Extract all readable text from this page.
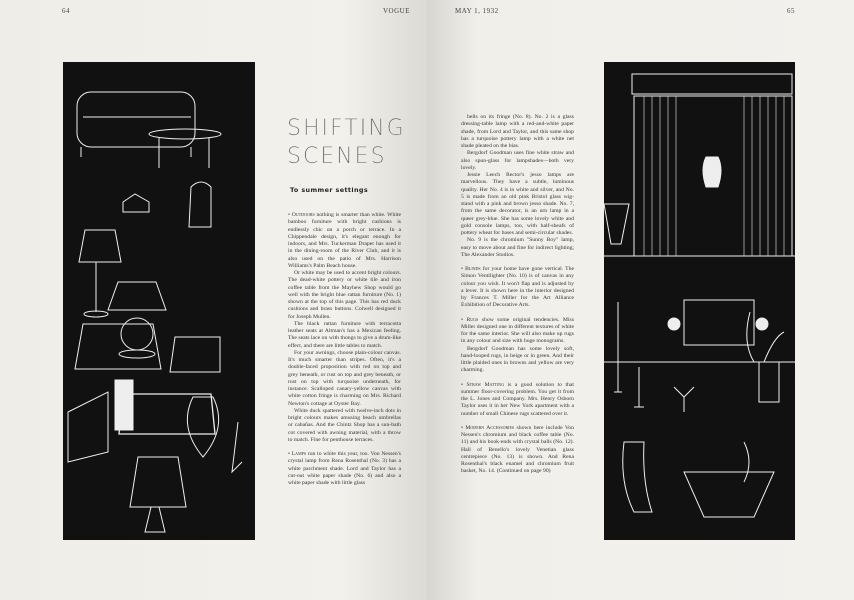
64	VOGUE	MAY 1, 1932	65
SHIFTING
SCENES
To summer settings

• Outdoors nothing is smarter than white. White bamboo furniture with bright cushions is endlessly chic on a porch or terrace. In a Chippendale design, it's elegant enough for indoors, and Mrs. Tuckerman Draper has used it in the dining-room of the River Club, and it is also used on the patio of Mrs. Harrison Williams's Palm Beach house.

Or white may be used to accent bright colours. The dead-white pottery or white tile and iron coffee table from the Mayhew Shop would go well with the bright blue rattan furniture (No. 1) shown at the top of this page. This has red duck cushions and brass buttons. Colwell designed it for Joseph Mullen.

The black rattan furniture with terracotta leather seats at Altman's has a Mexican feeling. The seats lace on with thongs to give a drum-like effect, and there are little tables to match.

For your awnings, choose plain-colour canvas. It's much smarter than stripes. Often, it's a double-faced proposition with red on top and grey beneath, or rust on top and grey beneath, or rust on top with turquoise underneath, for instance. Scalloped canary-yellow canvas with white cotton fringe is charming on Mrs. Richard Newton's cottage at Oyster Bay.

White duck spattered with twelve-inch dots in bright colours makes amusing beach umbrellas or cabañas. And the Chintz Shop has a sun-bath cot covered with awning material, with a throw to match. Fine for penthouse terraces.

• Lamps run to white this year, too. Von Nessen's crystal lamp from Rena Rosenthal (No. 3) has a white parchment shade. Lord and Taylor has a cut-out white paper shade (No. 6) and also a white paper shade with little glass

bells on its fringe (No. 8). No. 2 is a glass dressing-table lamp with a red-and-white paper shade, from Lord and Taylor, and this same shop has a turquoise pottery lamp with a white net shade pleated on the bias.

Bergdorf Goodman uses fine white straw and also spun-glass for lampshades—both very lovely.

Jessie Leech Rector's jesso lamps are marvellous. They have a subtle, luminous quality. Her No. 4 is in white and silver, and No. 5 is made from an old pink Bristol glass wig-stand with a pink and brown jesso shade. No. 7, from the same decorator, is an urn lamp in a queer grey-blue. She has some lovely white and gold console lamps, too, with half-sheafs of pottery wheat for bases and semi-circular shades.

No. 9 is the chromium "Sunny Boy" lamp, easy to move about and fine for indirect lighting; The Alexander Studios.

• Blinds for your home have gone vertical. The Simon Ventilighter (No. 10) is of canvas in any colour you wish. It won't flap and is adjusted by a lever. It is shown here in the interior designed by Frances T. Miller for the Art Alliance Exhibition of Decorative Arts.

• Rugs show some original tendencies. Miss Miller designed one in different textures of white for the same interior. She will also make up rugs in any colour and size with huge monograms.

Bergdorf Goodman has some lovely soft, hand-looped rugs, in beige or in green. And their little plaided ones in browns and yellow are very charming.

• Straw Matting is a good solution to that summer floor-covering problem. You get it from the L. Jones and Company. Mrs. Henry Osborn Taylor uses it in her New York apartment with a number of small Chinese rugs scattered over it.

• Modern Accessories shown here include Von Nessen's chromium and black coffee table (No. 11) and his book-ends with crystal balls (No. 12). Hall of Benello's lovely Venetian glass centrepiece (No. 13) is shown. And Rena Rosenthal's black enamel and chromium fruit basket, No. 14. (Continued on page 90)
